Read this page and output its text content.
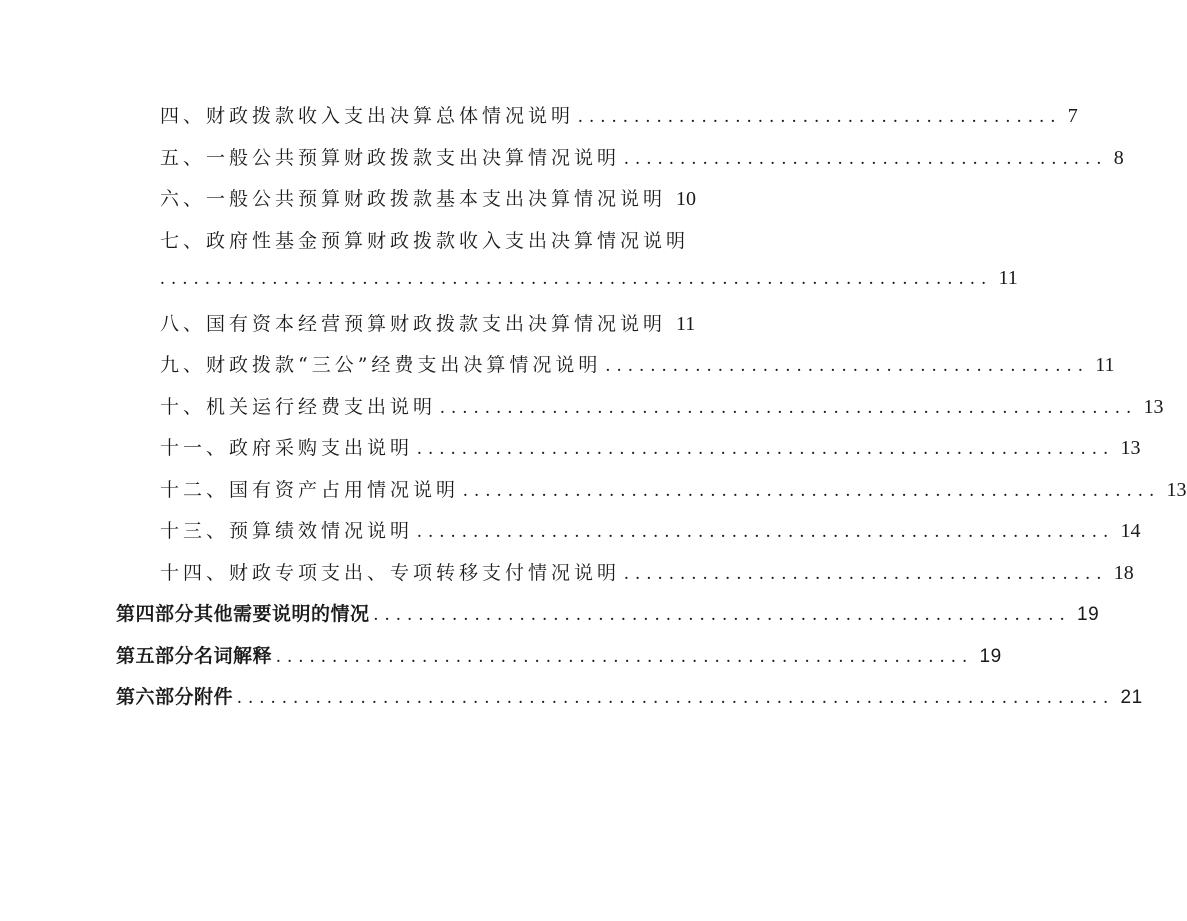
四、财政拨款收入支出决算总体情况说明 ........................................... 7
五、一般公共预算财政拨款支出决算情况说明 ........................................... 8
六、一般公共预算财政拨款基本支出决算情况说明 10
七、政府性基金预算财政拨款收入支出决算情况说明
.......................................................................... 11
八、国有资本经营预算财政拨款支出决算情况说明 11
九、财政拨款“三公”经费支出决算情况说明 ........................................... 11
十、机关运行经费支出说明 .............................................................. 13
十一、政府采购支出说明 .............................................................. 13
十二、国有资产占用情况说明 .............................................................. 13
十三、预算绩效情况说明 .............................................................. 14
十四、财政专项支出、专项转移支付情况说明 ........................................... 18
第四部分 其他需要说明的情况 .............................................................. 19
第五部分 名词解释 .............................................................. 19
第六部分 附件 .............................................................................. 21
